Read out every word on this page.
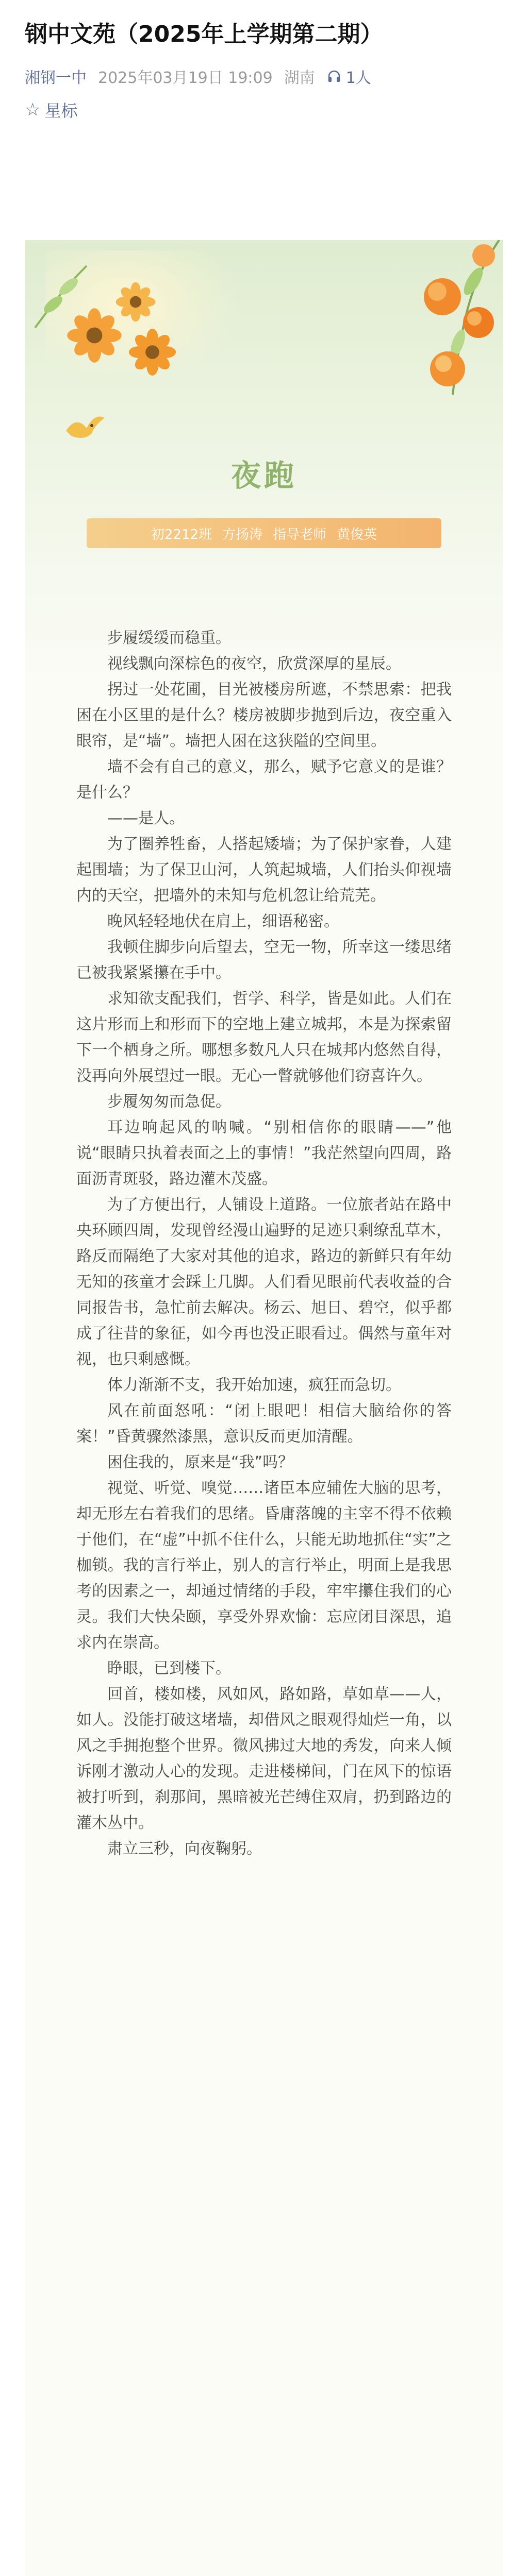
钢中文苑（2025年上学期第二期）
湘钢一中 2025年03月19日 19:09 湖南 1人
☆ 星标
夜跑
初2212班 方扬涛 指导老师 黄俊英

步履缓缓而稳重。

视线飘向深棕色的夜空，欣赏深厚的星辰。

拐过一处花圃，目光被楼房所遮，不禁思索：把我困在小区里的是什么？楼房被脚步抛到后边，夜空重入眼帘，是“墙”。墙把人困在这狭隘的空间里。

墙不会有自己的意义，那么，赋予它意义的是谁？是什么？

——是人。

为了圈养牲畜，人搭起矮墙；为了保护家眷，人建起围墙；为了保卫山河，人筑起城墙，人们抬头仰视墙内的天空，把墙外的未知与危机忽让给荒芜。

晚风轻轻地伏在肩上，细语秘密。

我顿住脚步向后望去，空无一物，所幸这一缕思绪已被我紧紧攥在手中。

求知欲支配我们，哲学、科学，皆是如此。人们在这片形而上和形而下的空地上建立城邦，本是为探索留下一个栖身之所。哪想多数凡人只在城邦内悠然自得，没再向外展望过一眼。无心一瞥就够他们窃喜许久。

步履匆匆而急促。

耳边响起风的呐喊。“别相信你的眼睛——”他说“眼睛只执着表面之上的事情！”我茫然望向四周，路面沥青斑驳，路边灌木茂盛。

为了方便出行，人铺设上道路。一位旅者站在路中央环顾四周，发现曾经漫山遍野的足迹只剩缭乱草木，路反而隔绝了大家对其他的追求，路边的新鲜只有年幼无知的孩童才会踩上几脚。人们看见眼前代表收益的合同报告书，急忙前去解决。杨云、旭日、碧空，似乎都成了往昔的象征，如今再也没正眼看过。偶然与童年对视，也只剩感慨。

体力渐渐不支，我开始加速，疯狂而急切。

风在前面怒吼：“闭上眼吧！相信大脑给你的答案！”昏黄骤然漆黑，意识反而更加清醒。

困住我的，原来是“我”吗？

视觉、听觉、嗅觉……诸臣本应辅佐大脑的思考，却无形左右着我们的思绪。昏庸落魄的主宰不得不依赖于他们，在“虚”中抓不住什么，只能无助地抓住“实”之枷锁。我的言行举止，别人的言行举止，明面上是我思考的因素之一，却通过情绪的手段，牢牢攥住我们的心灵。我们大快朵颐，享受外界欢愉：忘应闭目深思，追求内在崇高。

睁眼，已到楼下。

回首，楼如楼，风如风，路如路，草如草——人，如人。没能打破这堵墙，却借风之眼观得灿烂一角，以风之手拥抱整个世界。微风拂过大地的秀发，向来人倾诉刚才激动人心的发现。走进楼梯间，门在风下的惊语被打听到，刹那间，黑暗被光芒缚住双肩，扔到路边的灌木丛中。

肃立三秒，向夜鞠躬。
